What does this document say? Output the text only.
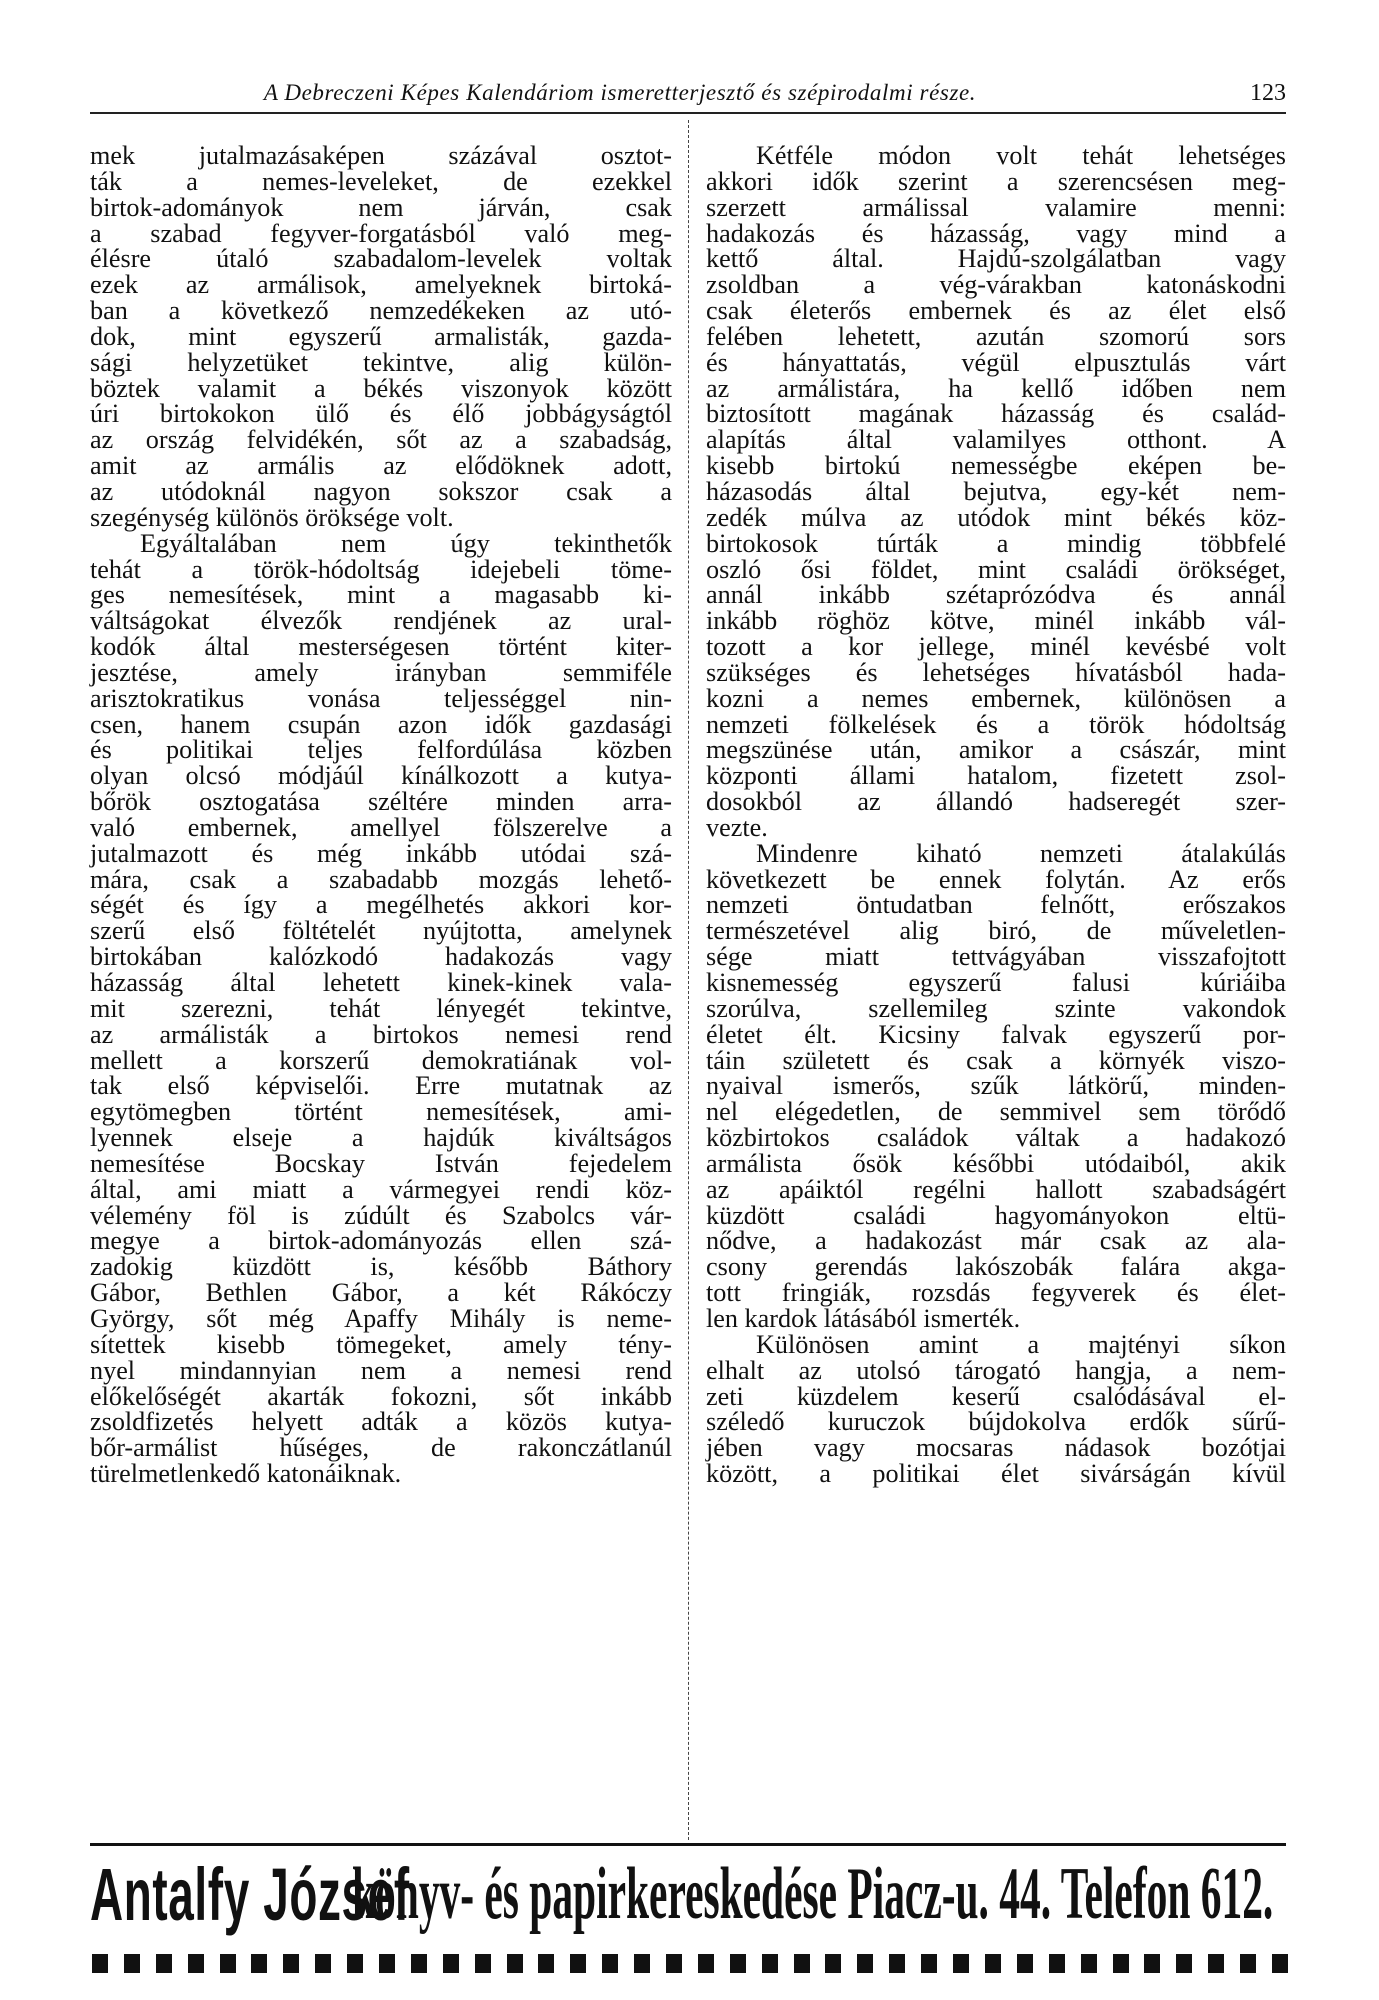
A Debreczeni Képes Kalendáriom ismeretterjesztő és szépirodalmi része.	123
mek jutalmazásaképen százával osztot-
ták a nemes-leveleket, de ezekkel
birtok-adományok nem járván, csak
a szabad fegyver-forgatásból való meg-
élésre útaló szabadalom-levelek voltak
ezek az armálisok, amelyeknek birtoká-
ban a következő nemzedékeken az utó-
dok, mint egyszerű armalisták, gazda-
sági helyzetüket tekintve, alig külön-
böztek valamit a békés viszonyok között
úri birtokokon ülő és élő jobbágyságtól
az ország felvidékén, sőt az a szabadság,
amit az armális az elődöknek adott,
az utódoknál nagyon sokszor csak a
szegénység különös öröksége volt.
Egyáltalában nem úgy tekinthetők
tehát a török-hódoltság idejebeli töme-
ges nemesítések, mint a magasabb ki-
váltságokat élvezők rendjének az ural-
kodók által mesterségesen történt kiter-
jesztése, amely irányban semmiféle
arisztokratikus vonása teljességgel nin-
csen, hanem csupán azon idők gazdasági
és politikai teljes felfordúlása közben
olyan olcsó módjáúl kínálkozott a kutya-
bőrök osztogatása széltére minden arra-
való embernek, amellyel fölszerelve a
jutalmazott és még inkább utódai szá-
mára, csak a szabadabb mozgás lehető-
ségét és így a megélhetés akkori kor-
szerű első föltételét nyújtotta, amelynek
birtokában kalózkodó hadakozás vagy
házasság által lehetett kinek-kinek vala-
mit szerezni, tehát lényegét tekintve,
az armálisták a birtokos nemesi rend
mellett a korszerű demokratiának vol-
tak első képviselői. Erre mutatnak az
egytömegben történt nemesítések, ami-
lyennek elseje a hajdúk kiváltságos
nemesítése Bocskay István fejedelem
által, ami miatt a vármegyei rendi köz-
vélemény föl is zúdúlt és Szabolcs vár-
megye a birtok-adományozás ellen szá-
zadokig küzdött is, később Báthory
Gábor, Bethlen Gábor, a két Rákóczy
György, sőt még Apaffy Mihály is neme-
sítettek kisebb tömegeket, amely tény-
nyel mindannyian nem a nemesi rend
előkelőségét akarták fokozni, sőt inkább
zsoldfizetés helyett adták a közös kutya-
bőr-armálist hűséges, de rakonczátlanúl
türelmetlenkedő katonáiknak.
Kétféle módon volt tehát lehetséges
akkori idők szerint a szerencsésen meg-
szerzett armálissal valamire menni:
hadakozás és házasság, vagy mind a
kettő által. Hajdú-szolgálatban vagy
zsoldban a vég-várakban katonáskodni
csak életerős embernek és az élet első
felében lehetett, azután szomorú sors
és hányattatás, végül elpusztulás várt
az armálistára, ha kellő időben nem
biztosított magának házasság és család-
alapítás által valamilyes otthont. A
kisebb birtokú nemességbe eképen be-
házasodás által bejutva, egy-két nem-
zedék múlva az utódok mint békés köz-
birtokosok túrták a mindig többfelé
oszló ősi földet, mint családi örökséget,
annál inkább szétaprózódva és annál
inkább röghöz kötve, minél inkább vál-
tozott a kor jellege, minél kevésbé volt
szükséges és lehetséges hívatásból hada-
kozni a nemes embernek, különösen a
nemzeti fölkelések és a török hódoltság
megszünése után, amikor a császár, mint
központi állami hatalom, fizetett zsol-
dosokból az állandó hadseregét szer-
vezte.
Mindenre kiható nemzeti átalakúlás
következett be ennek folytán. Az erős
nemzeti öntudatban felnőtt, erőszakos
természetével alig biró, de műveletlen-
sége miatt tettvágyában visszafojtott
kisnemesség egyszerű falusi kúriáiba
szorúlva, szellemileg szinte vakondok
életet élt. Kicsiny falvak egyszerű por-
táin született és csak a környék viszo-
nyaival ismerős, szűk látkörű, minden-
nel elégedetlen, de semmivel sem törődő
közbirtokos családok váltak a hadakozó
armálista ősök későbbi utódaiból, akik
az apáiktól regélni hallott szabadságért
küzdött családi hagyományokon eltü-
nődve, a hadakozást már csak az ala-
csony gerendás lakószobák falára akga-
tott fringiák, rozsdás fegyverek és élet-
len kardok látásából ismerték.
Különösen amint a majtényi síkon
elhalt az utolsó tárogató hangja, a nem-
zeti küzdelem keserű csalódásával el-
széledő kuruczok bújdokolva erdők sűrű-
jében vagy mocsaras nádasok bozótjai
között, a politikai élet sivárságán kívül
Antalfy József
könyv- és papirkereskedése Piacz-u. 44. Telefon 612.
